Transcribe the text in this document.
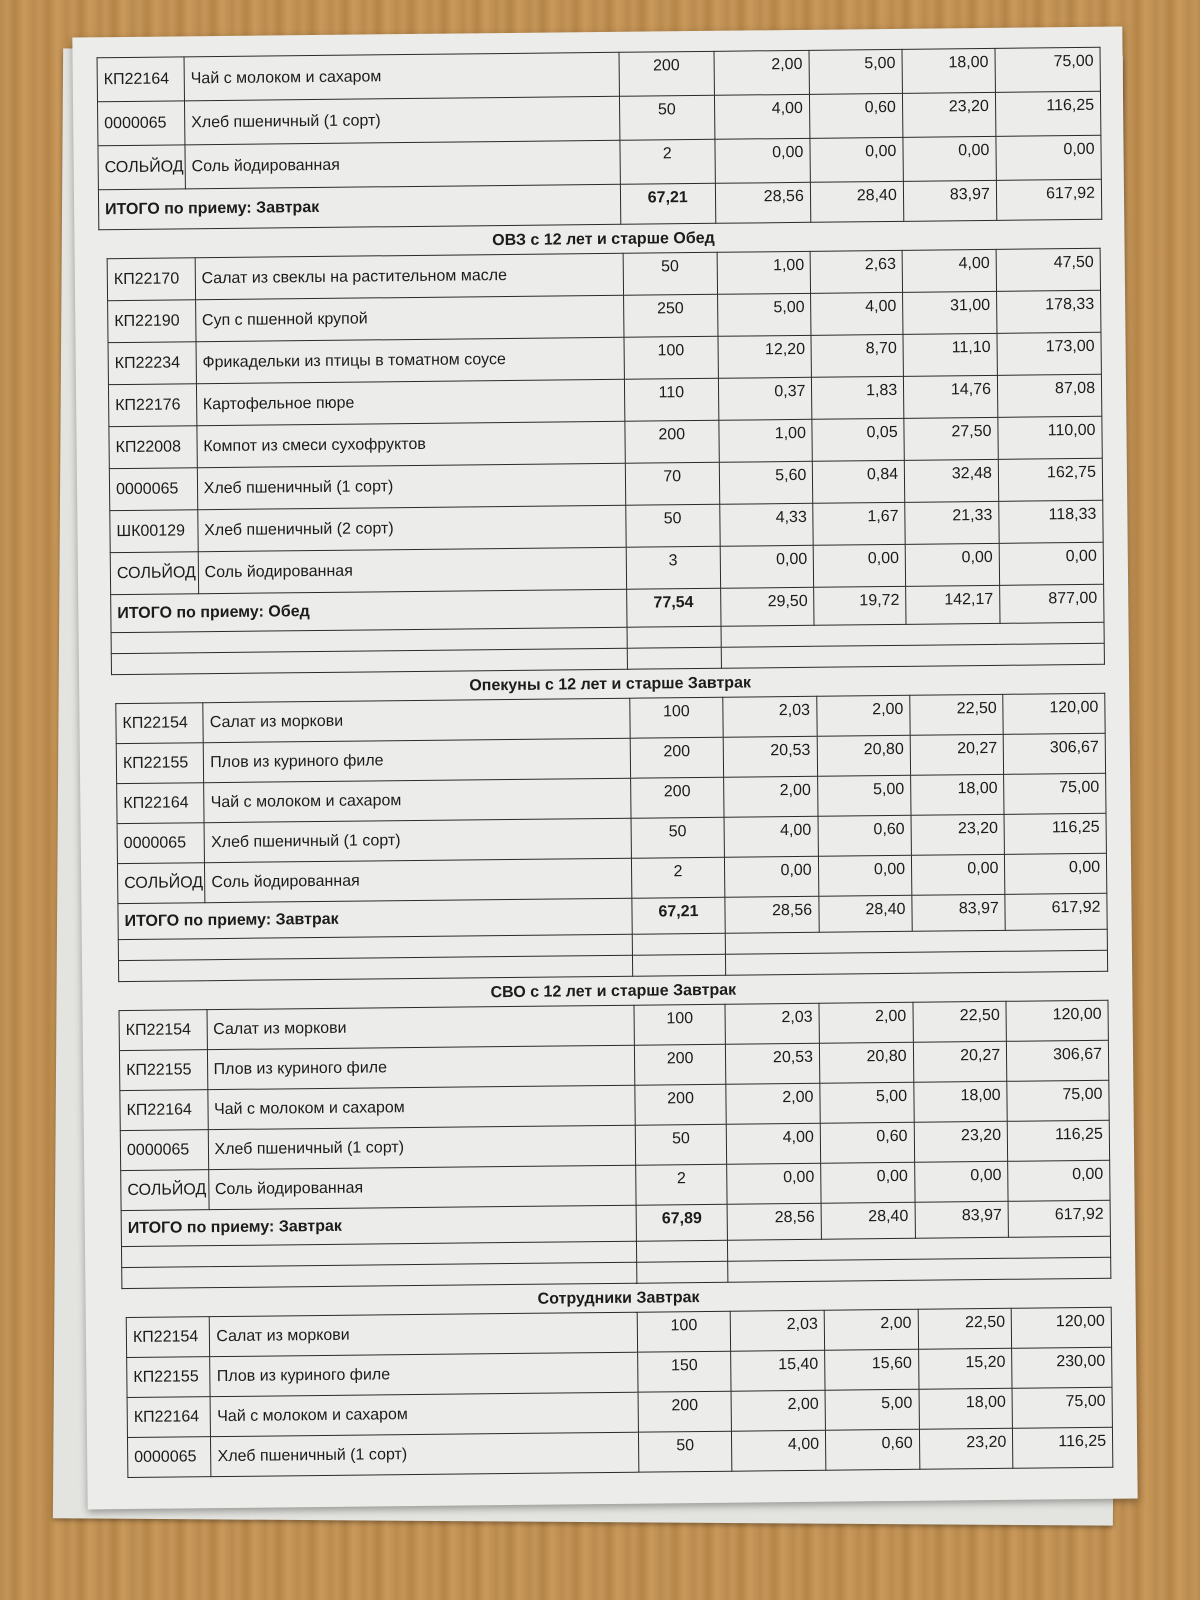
КП22164	Чай с молоком и сахаром	200	2,00	5,00	18,00	75,00
0000065	Хлеб пшеничный (1 сорт)	50	4,00	0,60	23,20	116,25
СОЛЬЙОД	Соль йодированная	2	0,00	0,00	0,00	0,00
ИТОГО по приему: Завтрак		67,21	28,56	28,40	83,97	617,92
ОВЗ с 12 лет и старше Обед
КП22170	Салат из свеклы на растительном масле	50	1,00	2,63	4,00	47,50
КП22190	Суп с пшенной крупой	250	5,00	4,00	31,00	178,33
КП22234	Фрикадельки из птицы в томатном соусе	100	12,20	8,70	11,10	173,00
КП22176	Картофельное пюре	110	0,37	1,83	14,76	87,08
КП22008	Компот из смеси сухофруктов	200	1,00	0,05	27,50	110,00
0000065	Хлеб пшеничный (1 сорт)	70	5,60	0,84	32,48	162,75
ШК00129	Хлеб пшеничный (2 сорт)	50	4,33	1,67	21,33	118,33
СОЛЬЙОД	Соль йодированная	3	0,00	0,00	0,00	0,00
ИТОГО по приему: Обед		77,54	29,50	19,72	142,17	877,00

Опекуны с 12 лет и старше Завтрак
КП22154	Салат из моркови	100	2,03	2,00	22,50	120,00
КП22155	Плов из куриного филе	200	20,53	20,80	20,27	306,67
КП22164	Чай с молоком и сахаром	200	2,00	5,00	18,00	75,00
0000065	Хлеб пшеничный (1 сорт)	50	4,00	0,60	23,20	116,25
СОЛЬЙОД	Соль йодированная	2	0,00	0,00	0,00	0,00
ИТОГО по приему: Завтрак		67,21	28,56	28,40	83,97	617,92

СВО с 12 лет и старше Завтрак
КП22154	Салат из моркови	100	2,03	2,00	22,50	120,00
КП22155	Плов из куриного филе	200	20,53	20,80	20,27	306,67
КП22164	Чай с молоком и сахаром	200	2,00	5,00	18,00	75,00
0000065	Хлеб пшеничный (1 сорт)	50	4,00	0,60	23,20	116,25
СОЛЬЙОД	Соль йодированная	2	0,00	0,00	0,00	0,00
ИТОГО по приему: Завтрак		67,89	28,56	28,40	83,97	617,92

Сотрудники Завтрак
КП22154	Салат из моркови	100	2,03	2,00	22,50	120,00
КП22155	Плов из куриного филе	150	15,40	15,60	15,20	230,00
КП22164	Чай с молоком и сахаром	200	2,00	5,00	18,00	75,00
0000065	Хлеб пшеничный (1 сорт)	50	4,00	0,60	23,20	116,25
